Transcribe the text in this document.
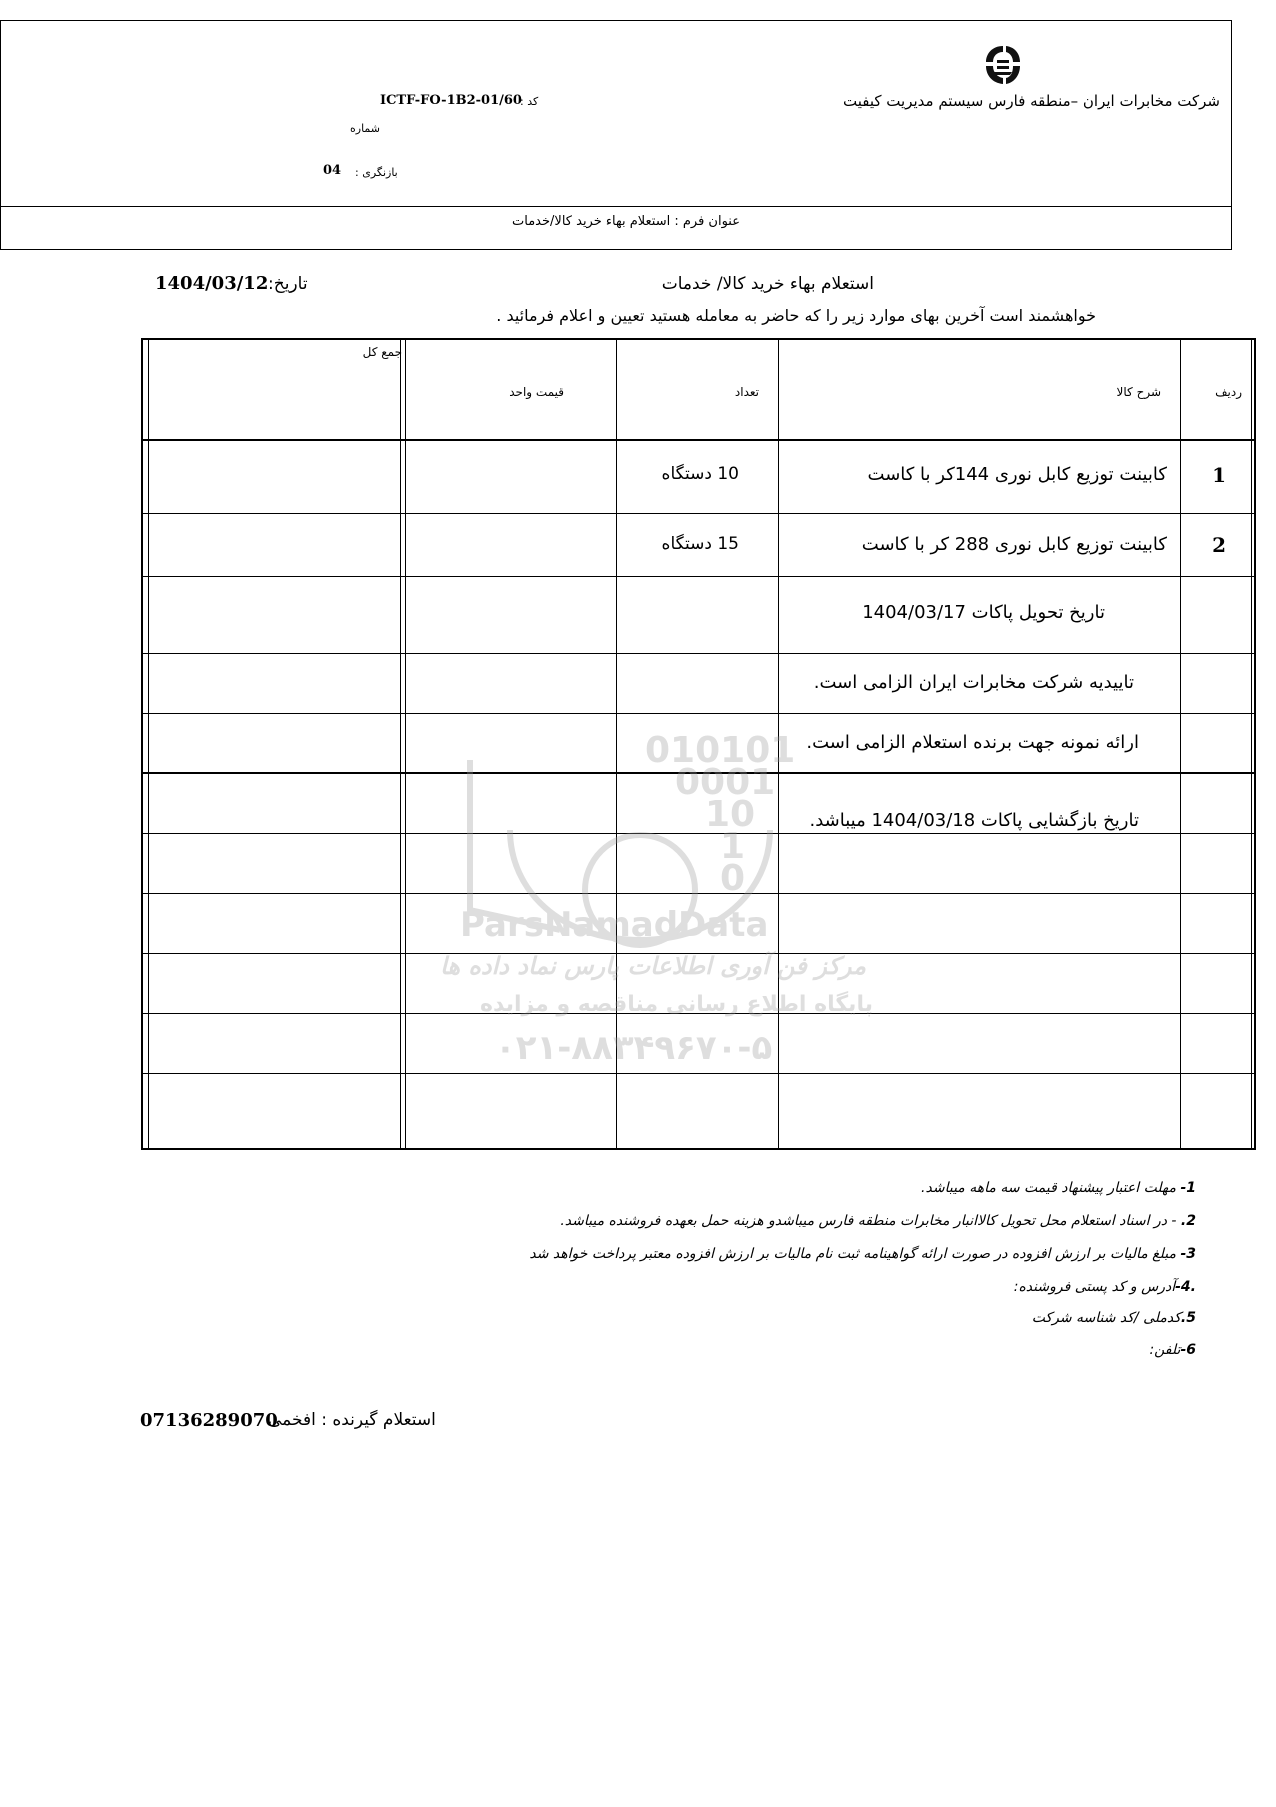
شرکت مخابرات ایران –منطقه فارس سیستم مدیریت کیفیت
کد :
ICTF-FO-1B2-01/60
شماره
بازنگری :
04
عنوان فرم : استعلام بهاء خرید کالا/خدمات
استعلام بهاء خرید کالا/ خدمات
تاریخ:
1404/03/12
خواهشمند است آخرین بهای موارد زیر را که حاضر به معامله هستید تعیین و اعلام فرمائید .
ردیف
شرح کالا
تعداد
قیمت واحد
جمع کل
1
کابینت توزیع کابل نوری 144کر با کاست
10 دستگاه
2
کابینت توزیع کابل نوری 288 کر با کاست
15 دستگاه
تاریخ تحویل پاکات 1404/03/17
تاییدیه شرکت مخابرات ایران الزامی است.
ارائه نمونه جهت برنده استعلام الزامی است.
تاریخ بازگشایی پاکات 1404/03/18 میباشد.
010101
0001
10
1
0
ParsNamadData
مرکز فن آوری اطلاعات پارس نماد داده ها
پایگاه اطلاع رسانی مناقصه و مزایده
۰۲۱-۸۸۳۴۹۶۷۰-۵
1- مهلت اعتبار پیشنهاد قیمت سه ماهه میباشد.
2. - در اسناد استعلام محل تحویل کالاانبار مخابرات منطقه فارس میباشدو هزینه حمل بعهده فروشنده میباشد.
3- مبلغ مالیات بر ارزش افزوده در صورت ارائه گواهینامه ثبت نام مالیات بر ارزش افزوده معتبر پرداخت خواهد شد
.4-آدرس و کد پستی فروشنده:
5.کدملی /کد شناسه شرکت
6-تلفن:
استعلام گیرنده : افخمی
07136289070
